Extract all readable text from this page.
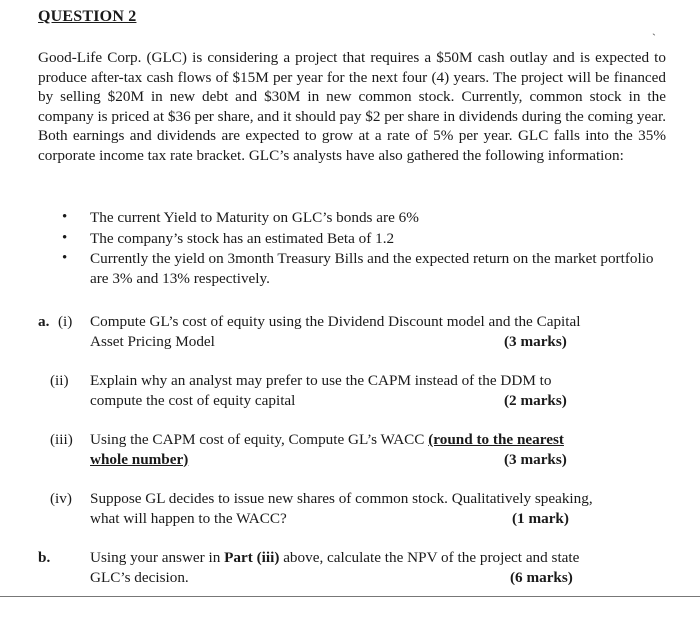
QUESTION 2
ˎ
Good-Life Corp. (GLC) is considering a project that requires a $50M cash outlay and is expected to produce after-tax cash flows of $15M per year for the next four (4) years. The project will be financed by selling $20M in new debt and $30M in new common stock. Currently, common stock in the company is priced at $36 per share, and it should pay $2 per share in dividends during the coming year. Both earnings and dividends are expected to grow at a rate of 5% per year. GLC falls into the 35% corporate income tax rate bracket. GLC’s analysts have also gathered the following information:
• The current Yield to Maturity on GLC’s bonds are 6%
• The company’s stock has an estimated Beta of 1.2
• Currently the yield on 3month Treasury Bills and the expected return on the market portfolio are 3% and 13% respectively.
a. (i) Compute GL’s cost of equity using the Dividend Discount model and the Capital
Asset Pricing Model	(3 marks)
(ii) Explain why an analyst may prefer to use the CAPM instead of the DDM to
compute the cost of equity capital	(2 marks)
(iii) Using the CAPM cost of equity, Compute GL’s WACC (round to the nearest
whole number)	(3 marks)
(iv) Suppose GL decides to issue new shares of common stock. Qualitatively speaking,
what will happen to the WACC?	(1 mark)
b.	Using your answer in Part (iii) above, calculate the NPV of the project and state
GLC’s decision.	(6 marks)
